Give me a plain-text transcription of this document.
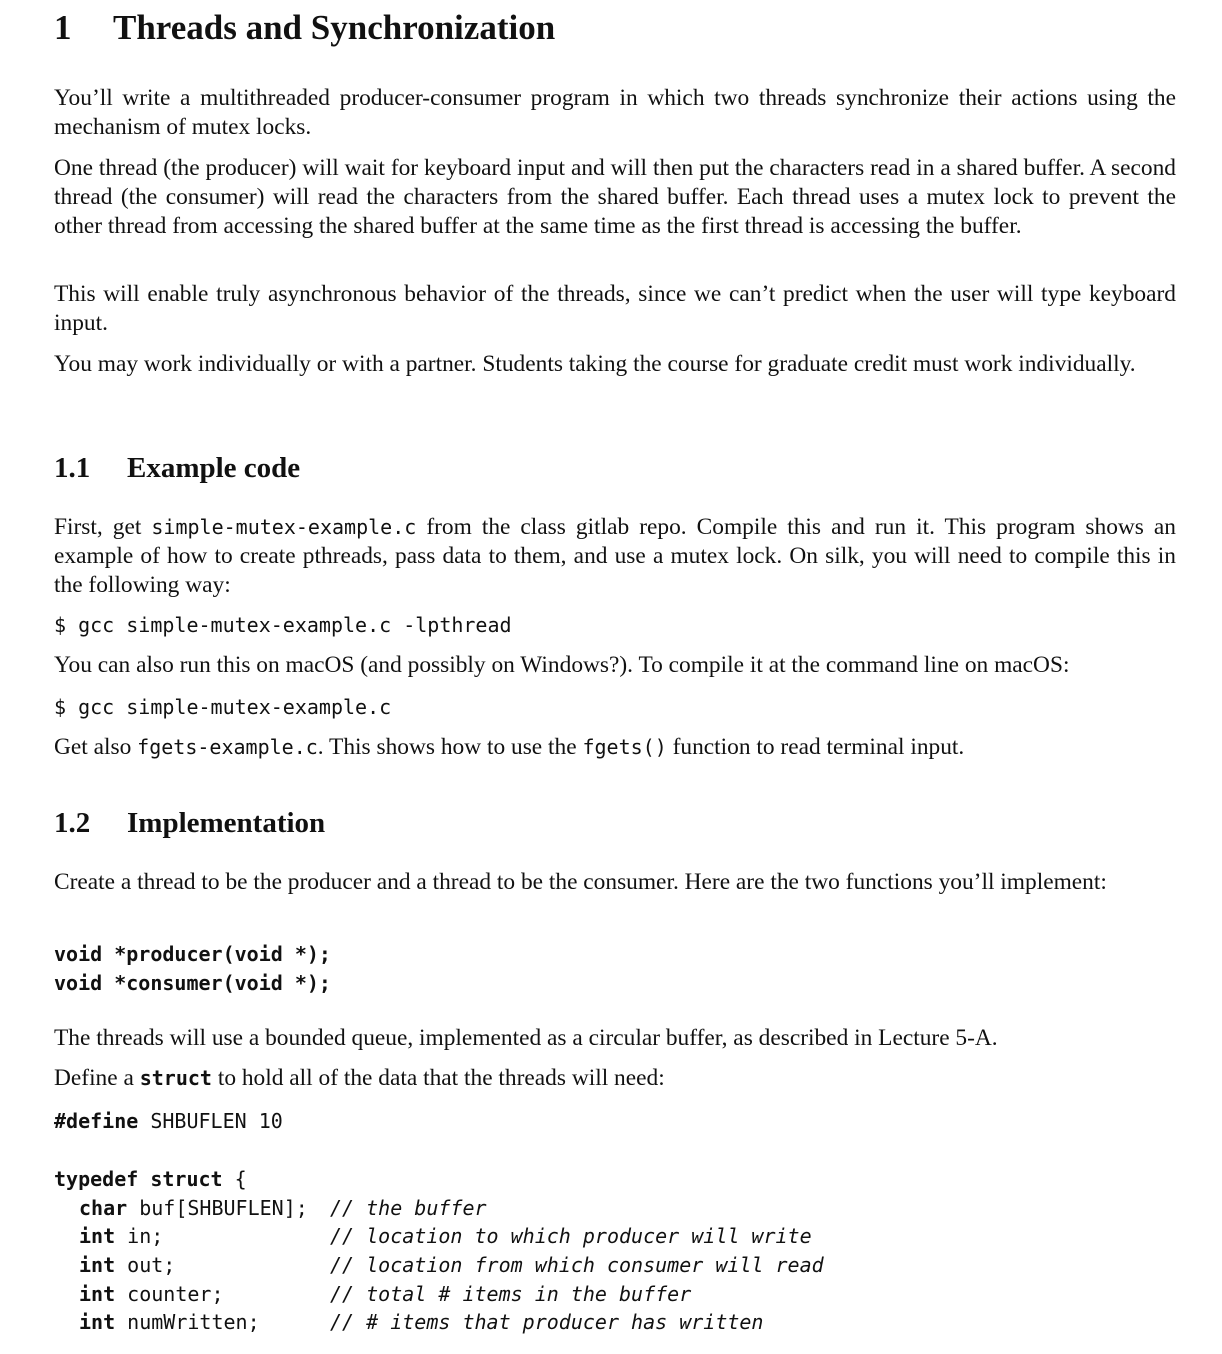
1 Threads and Synchronization

You’ll write a multithreaded producer-consumer program in which two threads synchronize their actions using the mechanism of mutex locks.

One thread (the producer) will wait for keyboard input and will then put the characters read in a shared buffer. A second thread (the consumer) will read the characters from the shared buffer. Each thread uses a mutex lock to prevent the other thread from accessing the shared buffer at the same time as the first thread is accessing the buffer.

This will enable truly asynchronous behavior of the threads, since we can’t predict when the user will type keyboard input.

You may work individually or with a partner. Students taking the course for graduate credit must work individually.

1.1 Example code

First, get simple-mutex-example.c from the class gitlab repo. Compile this and run it. This program shows an example of how to create pthreads, pass data to them, and use a mutex lock. On silk, you will need to compile this in the following way:

$ gcc simple-mutex-example.c -lpthread

You can also run this on macOS (and possibly on Windows?). To compile it at the command line on macOS:

$ gcc simple-mutex-example.c

Get also fgets-example.c. This shows how to use the fgets() function to read terminal input.

1.2 Implementation

Create a thread to be the producer and a thread to be the consumer. Here are the two functions you’ll implement:

void *producer(void *);

void *consumer(void *);

The threads will use a bounded queue, implemented as a circular buffer, as described in Lecture 5-A.

Define a struct to hold all of the data that the threads will need:

#define SHBUFLEN 10

typedef struct {

char buf[SHBUFLEN]; // the buffer
int in;	// location to which producer will write
int out;	// location from which consumer will read
int counter;	// total # items in the buffer
int numWritten;	// # items that producer has written
